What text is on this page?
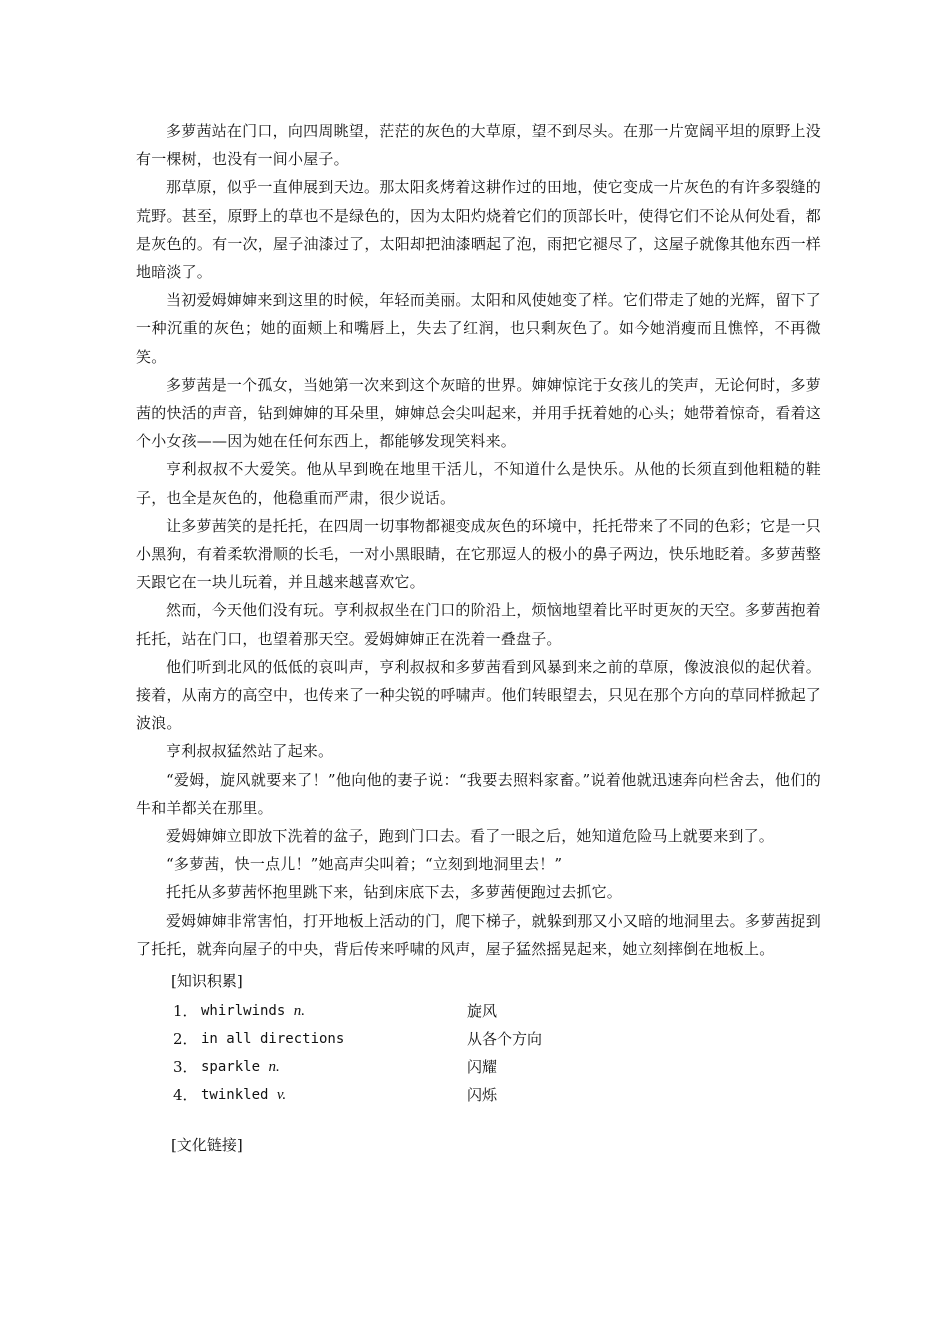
多萝茜站在门口，向四周眺望，茫茫的灰色的大草原，望不到尽头。在那一片宽阔平坦的原野上没有一棵树，也没有一间小屋子。

那草原，似乎一直伸展到天边。那太阳炙烤着这耕作过的田地，使它变成一片灰色的有许多裂缝的荒野。甚至，原野上的草也不是绿色的，因为太阳灼烧着它们的顶部长叶，使得它们不论从何处看，都是灰色的。有一次，屋子油漆过了，太阳却把油漆晒起了泡，雨把它褪尽了，这屋子就像其他东西一样地暗淡了。

当初爱姆婶婶来到这里的时候，年轻而美丽。太阳和风使她变了样。它们带走了她的光辉，留下了一种沉重的灰色；她的面颊上和嘴唇上，失去了红润，也只剩灰色了。如今她消瘦而且憔悴，不再微笑。

多萝茜是一个孤女，当她第一次来到这个灰暗的世界。婶婶惊诧于女孩儿的笑声，无论何时，多萝茜的快活的声音，钻到婶婶的耳朵里，婶婶总会尖叫起来，并用手抚着她的心头；她带着惊奇，看着这个小女孩——因为她在任何东西上，都能够发现笑料来。

亨利叔叔不大爱笑。他从早到晚在地里干活儿，不知道什么是快乐。从他的长须直到他粗糙的鞋子，也全是灰色的，他稳重而严肃，很少说话。

让多萝茜笑的是托托，在四周一切事物都褪变成灰色的环境中，托托带来了不同的色彩；它是一只小黑狗，有着柔软滑顺的长毛，一对小黑眼睛，在它那逗人的极小的鼻子两边，快乐地眨着。多萝茜整天跟它在一块儿玩着，并且越来越喜欢它。

然而，今天他们没有玩。亨利叔叔坐在门口的阶沿上，烦恼地望着比平时更灰的天空。多萝茜抱着托托，站在门口，也望着那天空。爱姆婶婶正在洗着一叠盘子。

他们听到北风的低低的哀叫声，亨利叔叔和多萝茜看到风暴到来之前的草原，像波浪似的起伏着。接着，从南方的高空中，也传来了一种尖锐的呼啸声。他们转眼望去，只见在那个方向的草同样掀起了波浪。

亨利叔叔猛然站了起来。

“爱姆，旋风就要来了！”他向他的妻子说：“我要去照料家畜。”说着他就迅速奔向栏舍去，他们的牛和羊都关在那里。

爱姆婶婶立即放下洗着的盆子，跑到门口去。看了一眼之后，她知道危险马上就要来到了。

“多萝茜，快一点儿！”她高声尖叫着；“立刻到地洞里去！”

托托从多萝茜怀抱里跳下来，钻到床底下去，多萝茜便跑过去抓它。

爱姆婶婶非常害怕，打开地板上活动的门，爬下梯子，就躲到那又小又暗的地洞里去。多萝茜捉到了托托，就奔向屋子的中央，背后传来呼啸的风声，屋子猛然摇晃起来，她立刻摔倒在地板上。

[知识积累]
1． whirlwinds n.	旋风
2． in all directions	从各个方向
3． sparkle n.	闪耀
4． twinkled v.	闪烁
[文化链接]
